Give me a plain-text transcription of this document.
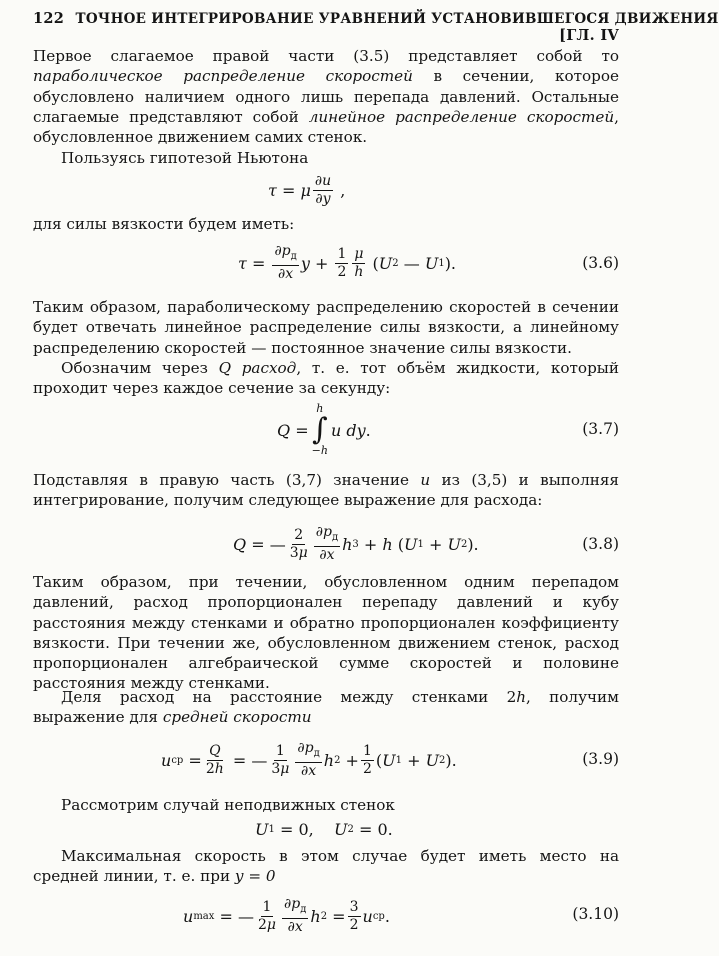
122 ТОЧНОЕ ИНТЕГРИРОВАНИЕ УРАВНЕНИЙ УСТАНОВИВШЕГОСЯ ДВИЖЕНИЯ
[ГЛ. IV

Первое слагаемое правой части (3.5) представляет собой то параболическое распределение скоростей в сечении, которое обусловлено наличием одного лишь перепада давлений. Остальные слагаемые представляют собой линейное распределение скоростей, обусловленное движением самих стенок.

Пользуясь гипотезой Ньютона

τ = μ $\frac{\partial u}{\partial y}$ ,

для силы вязкости будем иметь:

$\tau = \frac{\partial p_д}{\partial x}$ $y + \frac{1}{2} \frac{\mu}{h}$ ( U 2 — U 1 ).	(3.6)

Таким образом, параболическому распределению скоростей в сечении будет отвечать линейное распределение силы вязкости, а линейному распределению скоростей — постоянное значение силы вязкости.

Обозначим через Q расход, т. е. тот объём жидкости, который проходит через каждое сечение за секунду:

Q =
h
∫
−h
u dy .	(3.7)

Подставляя в правую часть (3,7) значение u из (3,5) и выполняя интегрирование, получим следующее выражение для расхода:

Q = — $\frac{2}{3\mu} \frac{\partial p_д}{\partial x}$ h 3 + h ( U 1 + U 2 ).	(3.8)

Таким образом, при течении, обусловленном одним перепадом давлений, расход пропорционален перепаду давлений и кубу расстояния между стенками и обратно пропорционален коэффициенту вязкости. При течении же, обусловленном движением стенок, расход пропорционален алгебраической сумме скоростей и половине расстояния между стенками.

Деля расход на расстояние между стенками 2h, получим выражение для средней скорости

u ср = $\frac{Q}{2h}$ = — $\frac{1}{3\mu} \frac{\partial p_д}{\partial x}$ h $2 + \frac{1}{2}$ ( U 1 + U 2 ).	(3.9)

Рассмотрим случай неподвижных стенок

U 1 = 0, U 2 = 0.

Максимальная скорость в этом случае будет иметь место на средней линии, т. е. при y = 0

u max = — $\frac{1}{2\mu} \frac{\partial p_д}{\partial x}$ h $2 = \frac{3}{2}$ u ср .	(3.10)
